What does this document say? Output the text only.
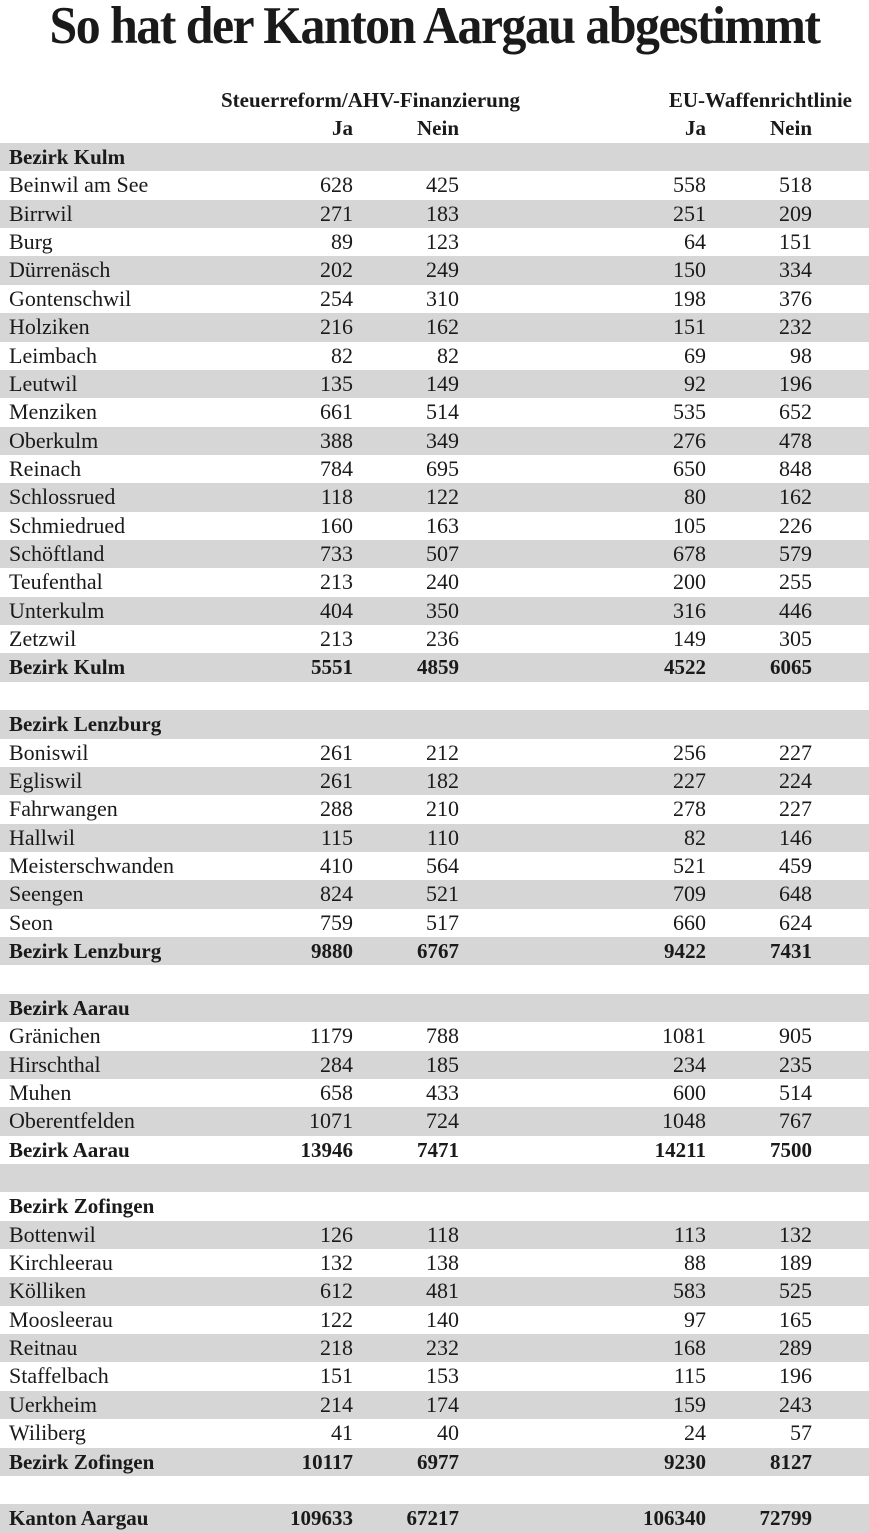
So hat der Kanton Aargau abgestimmt
Steuerreform/AHV-Finanzierung	EU-Waffenrichtlinie
Ja	Nein	Ja	Nein
Bezirk Kulm
Beinwil am See	628	425	558	518
Birrwil	271	183	251	209
Burg	89	123	64	151
Dürrenäsch	202	249	150	334
Gontenschwil	254	310	198	376
Holziken	216	162	151	232
Leimbach	82	82	69	98
Leutwil	135	149	92	196
Menziken	661	514	535	652
Oberkulm	388	349	276	478
Reinach	784	695	650	848
Schlossrued	118	122	80	162
Schmiedrued	160	163	105	226
Schöftland	733	507	678	579
Teufenthal	213	240	200	255
Unterkulm	404	350	316	446
Zetzwil	213	236	149	305
Bezirk Kulm	5551	4859	4522	6065
Bezirk Lenzburg
Boniswil	261	212	256	227
Egliswil	261	182	227	224
Fahrwangen	288	210	278	227
Hallwil	115	110	82	146
Meisterschwanden	410	564	521	459
Seengen	824	521	709	648
Seon	759	517	660	624
Bezirk Lenzburg	9880	6767	9422	7431
Bezirk Aarau
Gränichen	1179	788	1081	905
Hirschthal	284	185	234	235
Muhen	658	433	600	514
Oberentfelden	1071	724	1048	767
Bezirk Aarau	13946	7471	14211	7500
Bezirk Zofingen
Bottenwil	126	118	113	132
Kirchleerau	132	138	88	189
Kölliken	612	481	583	525
Moosleerau	122	140	97	165
Reitnau	218	232	168	289
Staffelbach	151	153	115	196
Uerkheim	214	174	159	243
Wiliberg	41	40	24	57
Bezirk Zofingen	10117	6977	9230	8127
Kanton Aargau	109633	67217	106340	72799
